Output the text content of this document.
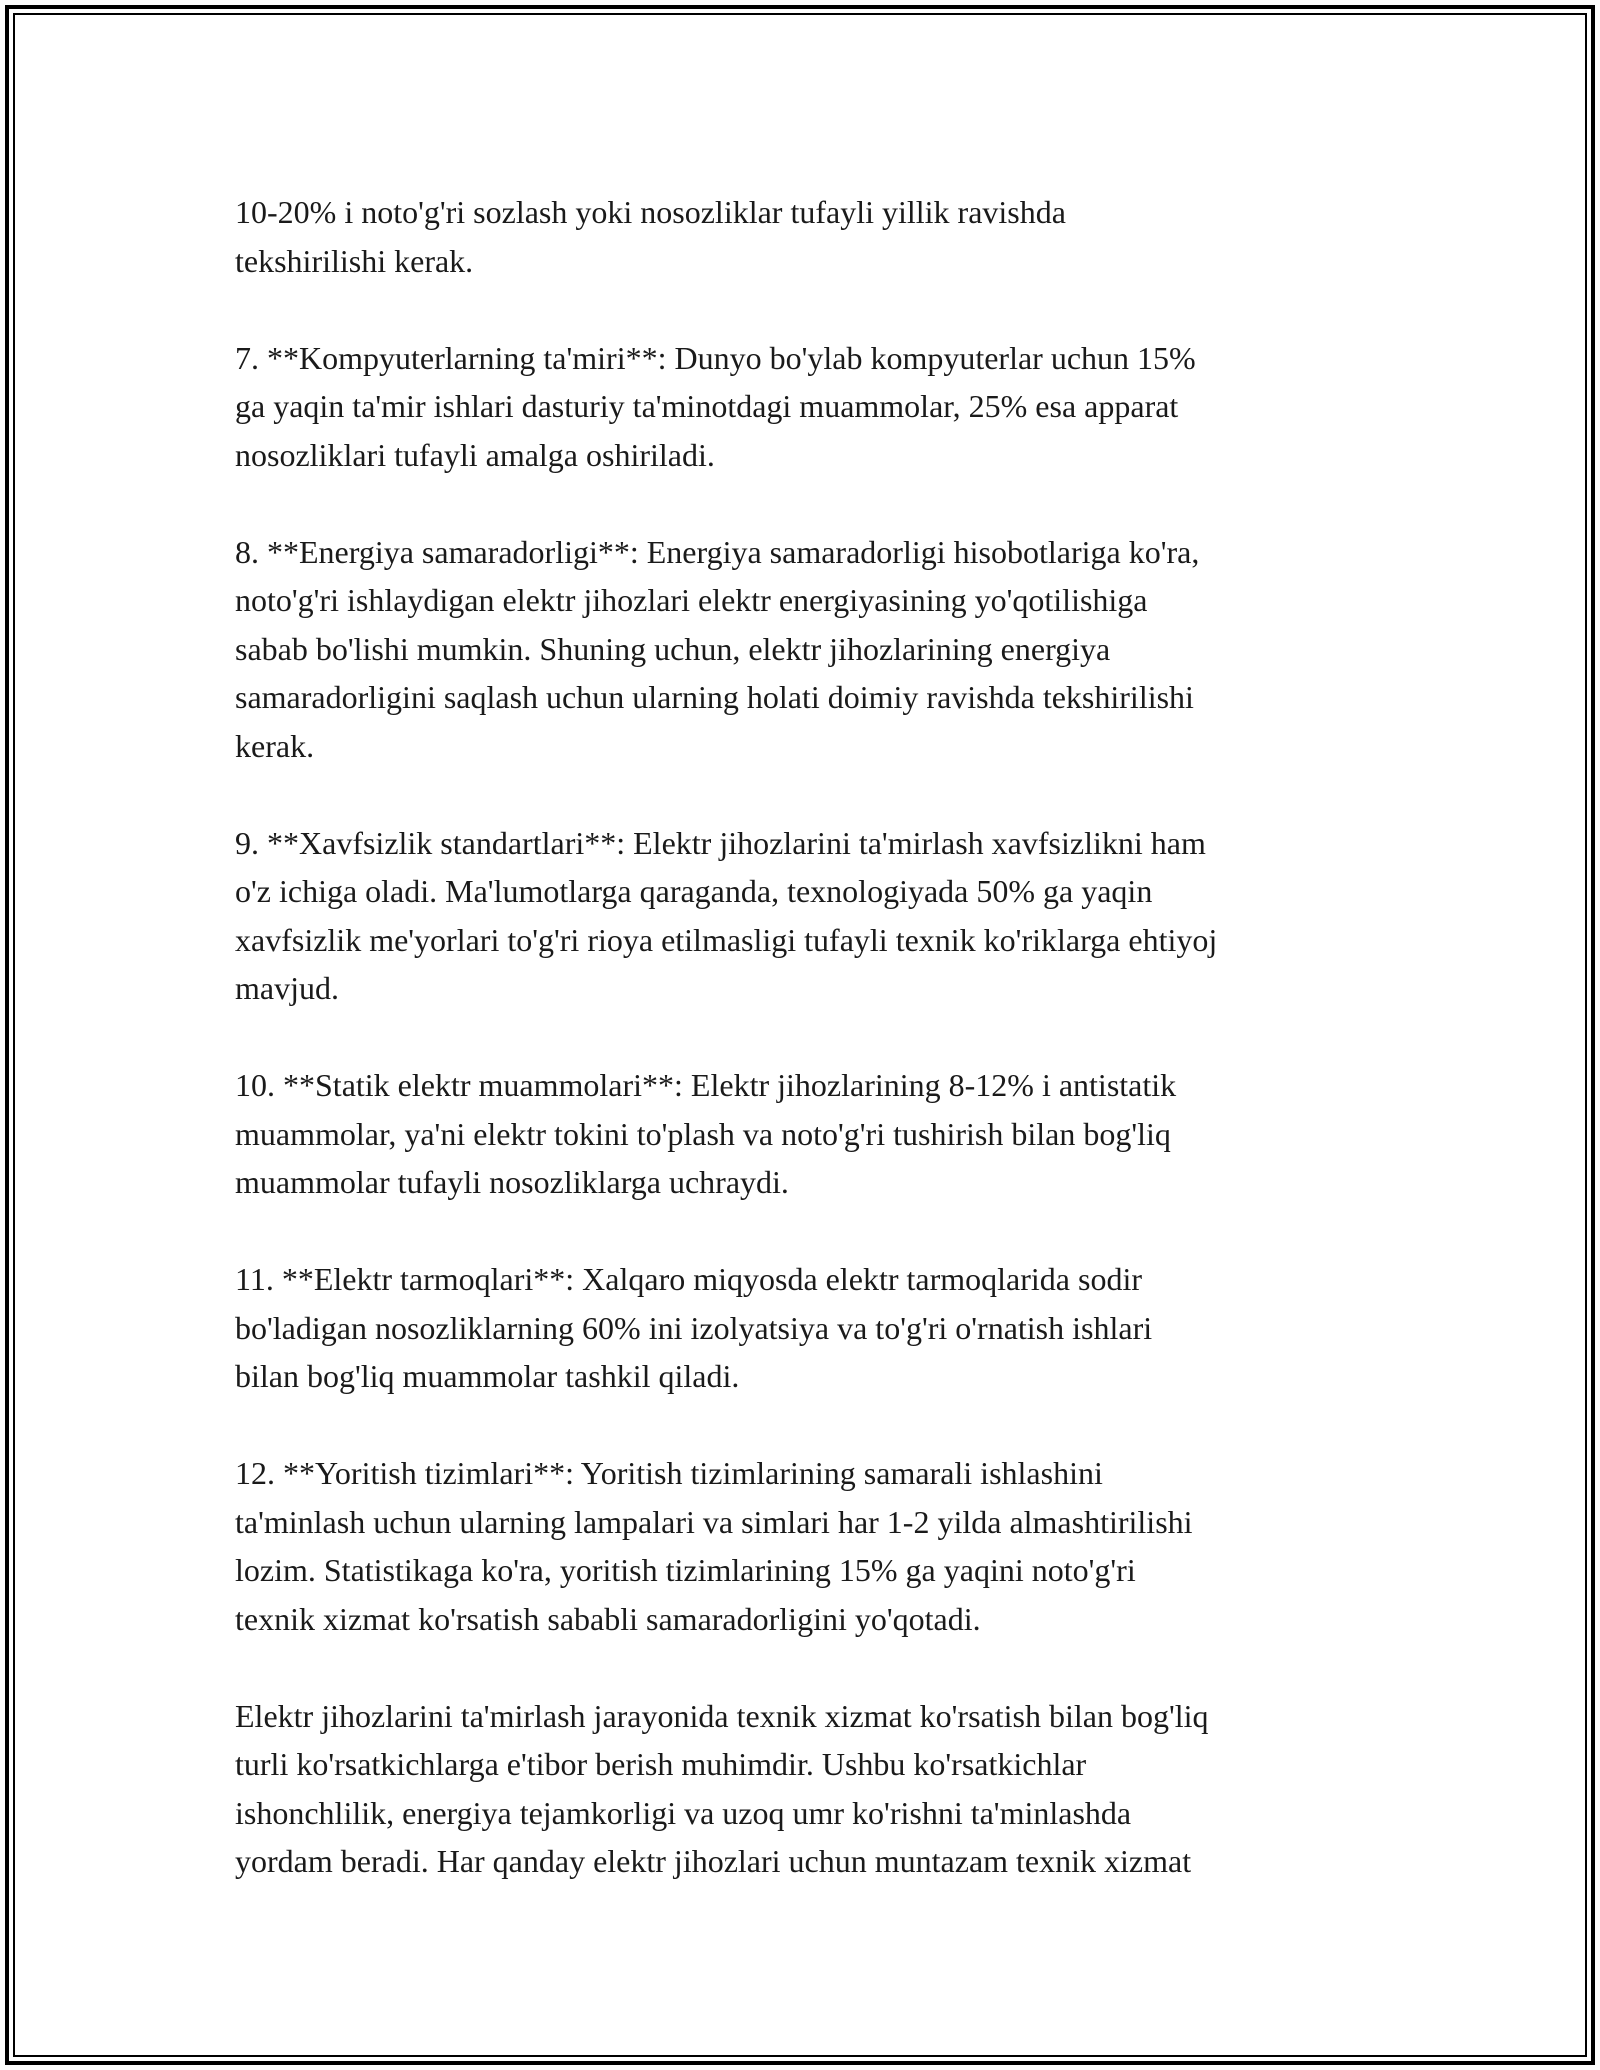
10-20% i noto'g'ri sozlash yoki nosozliklar tufayli yillik ravishda
tekshirilishi kerak.

7. **Kompyuterlarning ta'miri**: Dunyo bo'ylab kompyuterlar uchun 15%
ga yaqin ta'mir ishlari dasturiy ta'minotdagi muammolar, 25% esa apparat
nosozliklari tufayli amalga oshiriladi.

8. **Energiya samaradorligi**: Energiya samaradorligi hisobotlariga ko'ra,
noto'g'ri ishlaydigan elektr jihozlari elektr energiyasining yo'qotilishiga
sabab bo'lishi mumkin. Shuning uchun, elektr jihozlarining energiya
samaradorligini saqlash uchun ularning holati doimiy ravishda tekshirilishi
kerak.

9. **Xavfsizlik standartlari**: Elektr jihozlarini ta'mirlash xavfsizlikni ham
o'z ichiga oladi. Ma'lumotlarga qaraganda, texnologiyada 50% ga yaqin
xavfsizlik me'yorlari to'g'ri rioya etilmasligi tufayli texnik ko'riklarga ehtiyoj
mavjud.

10. **Statik elektr muammolari**: Elektr jihozlarining 8-12% i antistatik
muammolar, ya'ni elektr tokini to'plash va noto'g'ri tushirish bilan bog'liq
muammolar tufayli nosozliklarga uchraydi.

11. **Elektr tarmoqlari**: Xalqaro miqyosda elektr tarmoqlarida sodir
bo'ladigan nosozliklarning 60% ini izolyatsiya va to'g'ri o'rnatish ishlari
bilan bog'liq muammolar tashkil qiladi.

12. **Yoritish tizimlari**: Yoritish tizimlarining samarali ishlashini
ta'minlash uchun ularning lampalari va simlari har 1-2 yilda almashtirilishi
lozim. Statistikaga ko'ra, yoritish tizimlarining 15% ga yaqini noto'g'ri
texnik xizmat ko'rsatish sababli samaradorligini yo'qotadi.

Elektr jihozlarini ta'mirlash jarayonida texnik xizmat ko'rsatish bilan bog'liq
turli ko'rsatkichlarga e'tibor berish muhimdir. Ushbu ko'rsatkichlar
ishonchlilik, energiya tejamkorligi va uzoq umr ko'rishni ta'minlashda
yordam beradi. Har qanday elektr jihozlari uchun muntazam texnik xizmat
